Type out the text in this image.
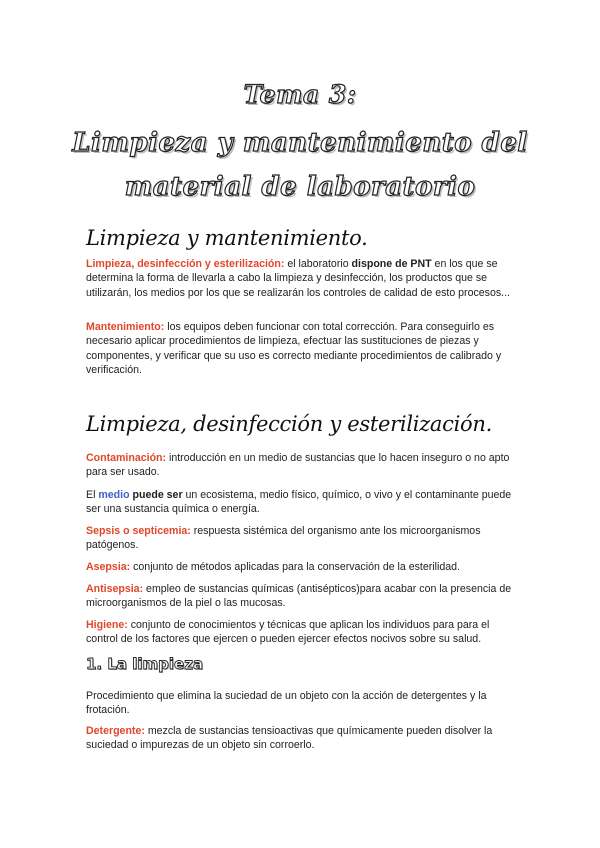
Tema 3:
Limpieza y mantenimiento del
material de laboratorio
Limpieza y mantenimiento.
Limpieza, desinfección y esterilización: el laboratorio dispone de PNT en los que se determina la forma de llevarla a cabo la limpieza y desinfección, los productos que se utilizarán, los medios por los que se realizarán los controles de calidad de esto procesos...
Mantenimiento: los equipos deben funcionar con total corrección. Para conseguirlo es necesario aplicar procedimientos de limpieza, efectuar las sustituciones de piezas y componentes, y verificar que su uso es correcto mediante procedimientos de calibrado y verificación.
Limpieza, desinfección y esterilización.
Contaminación: introducción en un medio de sustancias que lo hacen inseguro o no apto para ser usado.
El medio puede ser un ecosistema, medio físico, químico, o vivo y el contaminante puede ser una sustancia química o energía.
Sepsis o septicemia: respuesta sistémica del organismo ante los microorganismos patógenos.
Asepsia: conjunto de métodos aplicadas para la conservación de la esterilidad.
Antisepsia: empleo de sustancias químicas (antisépticos)para acabar con la presencia de microorganismos de la piel o las mucosas.
Higiene: conjunto de conocimientos y técnicas que aplican los individuos para para el control de los factores que ejercen o pueden ejercer efectos nocivos sobre su salud.
1. La limpieza
Procedimiento que elimina la suciedad de un objeto con la acción de detergentes y la frotación.
Detergente: mezcla de sustancias tensioactivas que químicamente pueden disolver la suciedad o impurezas de un objeto sin corroerlo.
